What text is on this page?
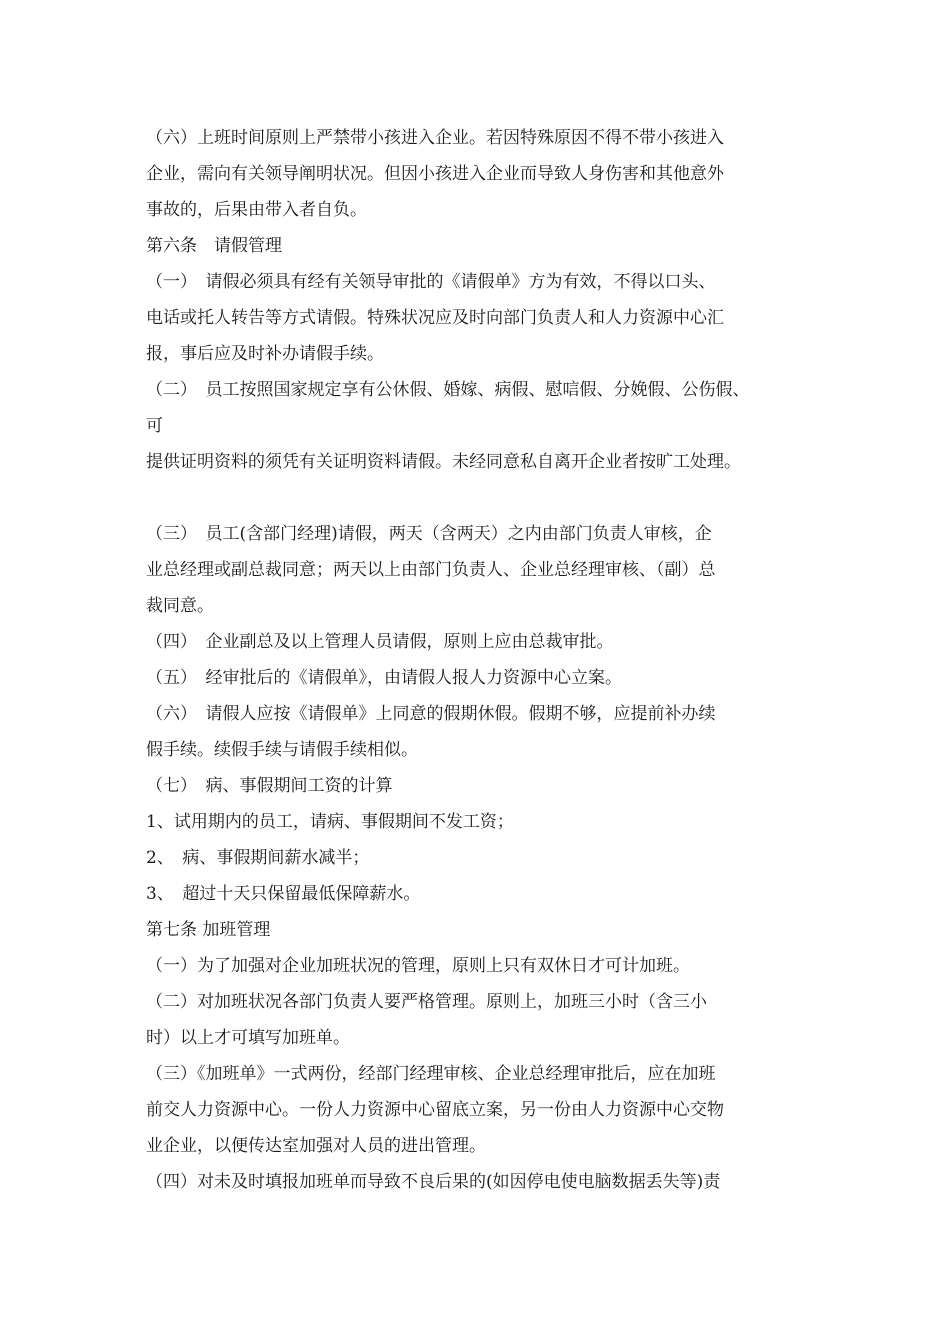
（六）上班时间原则上严禁带小孩进入企业。若因特殊原因不得不带小孩进入
企业，需向有关领导阐明状况。但因小孩进入企业而导致人身伤害和其他意外
事故的，后果由带入者自负。
第六条　请假管理
（一）　请假必须具有经有关领导审批的《请假单》方为有效，不得以口头、
电话或托人转告等方式请假。特殊状况应及时向部门负责人和人力资源中心汇
报，事后应及时补办请假手续。
（二）　员工按照国家规定享有公休假、婚嫁、病假、慰唁假、分娩假、公伤假、
可
提供证明资料的须凭有关证明资料请假。未经同意私自离开企业者按旷工处理。
（三）　员工(含部门经理)请假，两天（含两天）之内由部门负责人审核，企
业总经理或副总裁同意；两天以上由部门负责人、企业总经理审核、（副）总
裁同意。
（四）　企业副总及以上管理人员请假，原则上应由总裁审批。
（五）　经审批后的《请假单》，由请假人报人力资源中心立案。
（六）　请假人应按《请假单》上同意的假期休假。假期不够，应提前补办续
假手续。续假手续与请假手续相似。
（七）　病、事假期间工资的计算
1、试用期内的员工，请病、事假期间不发工资；
2、　病、事假期间薪水减半；
3、　超过十天只保留最低保障薪水。
第七条 加班管理
（一）为了加强对企业加班状况的管理，原则上只有双休日才可计加班。
（二）对加班状况各部门负责人要严格管理。原则上，加班三小时（含三小
时）以上才可填写加班单。
（三）《加班单》一式两份，经部门经理审核、企业总经理审批后，应在加班
前交人力资源中心。一份人力资源中心留底立案，另一份由人力资源中心交物
业企业，以便传达室加强对人员的进出管理。
（四）对未及时填报加班单而导致不良后果的(如因停电使电脑数据丢失等)责
